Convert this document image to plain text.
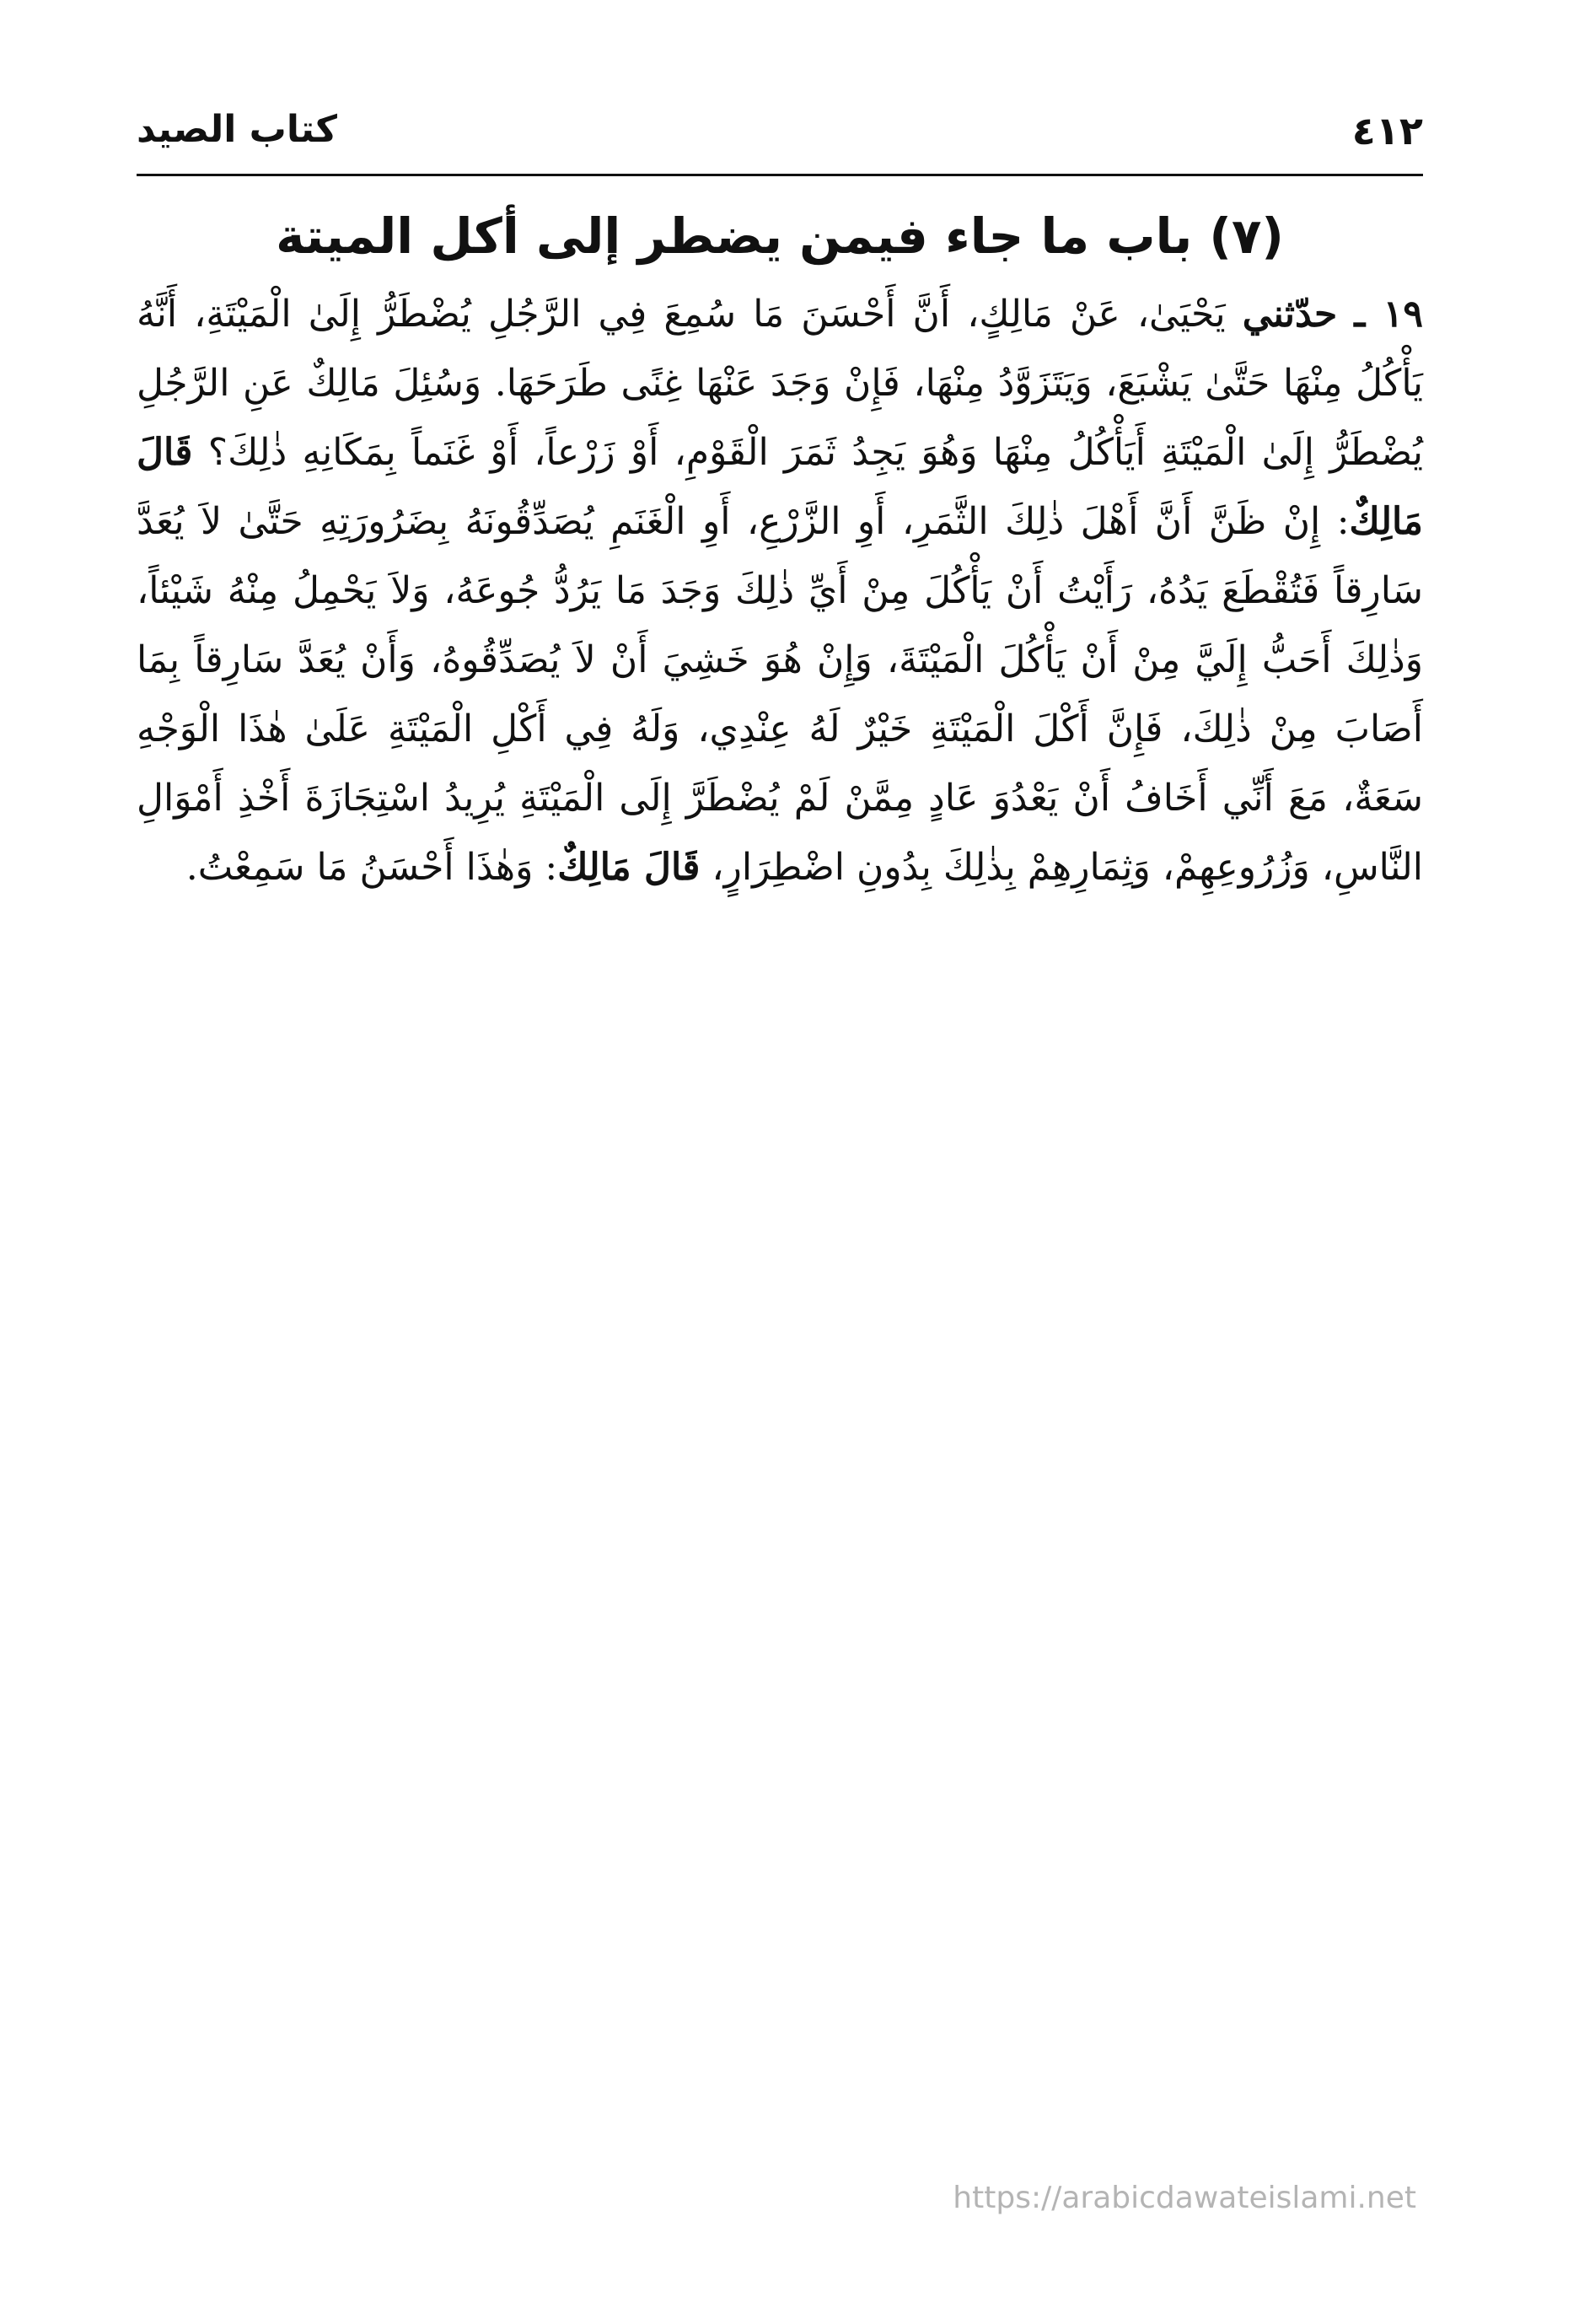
٤١٢
كتاب الصيد
(٧) باب ما جاء فيمن يضطر إلى أكل الميتة
١٩ ـ حدّثني يَحْيَىٰ، عَنْ مَالِكٍ، أَنَّ أَحْسَنَ مَا سُمِعَ فِي الرَّجُلِ يُضْطَرُّ إِلَىٰ الْمَيْتَةِ، أَنَّهُ يَأْكُلُ مِنْهَا حَتَّىٰ يَشْبَعَ، وَيَتَزَوَّدُ مِنْهَا، فَإِنْ وَجَدَ عَنْهَا غِنًى طَرَحَهَا. وَسُئِلَ مَالِكٌ عَنِ الرَّجُلِ يُضْطَرُّ إِلَىٰ الْمَيْتَةِ أَيَأْكُلُ مِنْهَا وَهُوَ يَجِدُ ثَمَرَ الْقَوْمِ، أَوْ زَرْعاً، أَوْ غَنَماً بِمَكَانِهِ ذٰلِكَ؟ قَالَ مَالِكٌ: إِنْ ظَنَّ أَنَّ أَهْلَ ذٰلِكَ الثَّمَرِ، أَوِ الزَّرْعِ، أَوِ الْغَنَمِ يُصَدِّقُونَهُ بِضَرُورَتِهِ حَتَّىٰ لاَ يُعَدَّ سَارِقاً فَتُقْطَعَ يَدُهُ، رَأَيْتُ أَنْ يَأْكُلَ مِنْ أَيِّ ذٰلِكَ وَجَدَ مَا يَرُدُّ جُوعَهُ، وَلاَ يَحْمِلُ مِنْهُ شَيْئاً، وَذٰلِكَ أَحَبُّ إِلَيَّ مِنْ أَنْ يَأْكُلَ الْمَيْتَةَ، وَإِنْ هُوَ خَشِيَ أَنْ لاَ يُصَدِّقُوهُ، وَأَنْ يُعَدَّ سَارِقاً بِمَا أَصَابَ مِنْ ذٰلِكَ، فَإِنَّ أَكْلَ الْمَيْتَةِ خَيْرٌ لَهُ عِنْدِي، وَلَهُ فِي أَكْلِ الْمَيْتَةِ عَلَىٰ هٰذَا الْوَجْهِ سَعَةٌ، مَعَ أَنِّي أَخَافُ أَنْ يَعْدُوَ عَادٍ مِمَّنْ لَمْ يُضْطَرَّ إِلَى الْمَيْتَةِ يُرِيدُ اسْتِجَازَةَ أَخْذِ أَمْوَالِ النَّاسِ، وَزُرُوعِهِمْ، وَثِمَارِهِمْ بِذٰلِكَ بِدُونِ اضْطِرَارٍ، قَالَ مَالِكٌ: وَهٰذَا أَحْسَنُ مَا سَمِعْتُ.
https://arabicdawateislami.net
